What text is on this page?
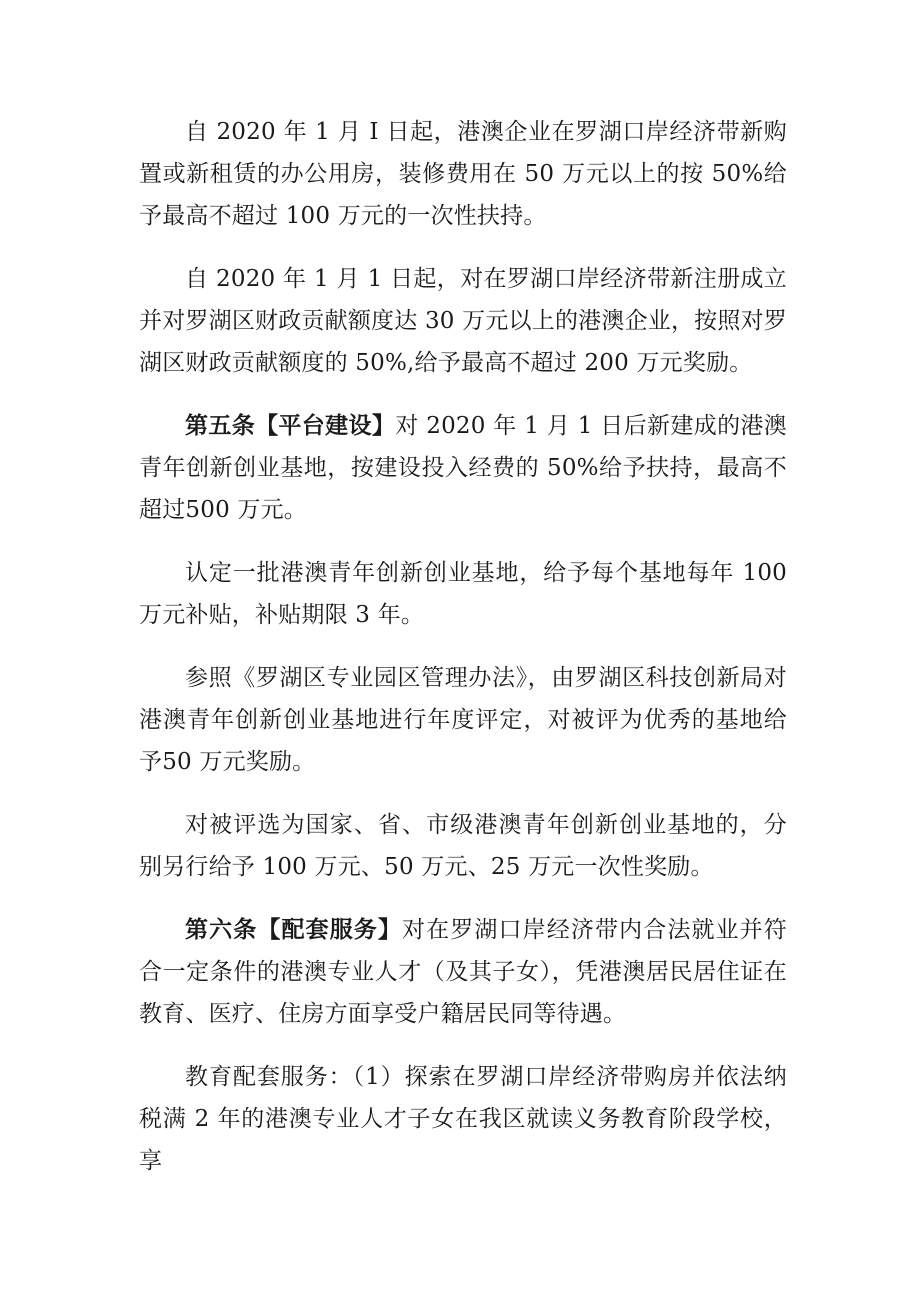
自 2020 年 1 月 I 日起，港澳企业在罗湖口岸经济带新购置或新租赁的办公用房，装修费用在 50 万元以上的按 50%给予最高不超过 100 万元的一次性扶持。

自 2020 年 1 月 1 日起，对在罗湖口岸经济带新注册成立并对罗湖区财政贡献额度达 30 万元以上的港澳企业，按照对罗湖区财政贡献额度的 50%,给予最高不超过 200 万元奖励。

第五条【平台建设】对 2020 年 1 月 1 日后新建成的港澳青年创新创业基地，按建设投入经费的 50%给予扶持，最高不超过500 万元。

认定一批港澳青年创新创业基地，给予每个基地每年 100 万元补贴，补贴期限 3 年。

参照《罗湖区专业园区管理办法》，由罗湖区科技创新局对港澳青年创新创业基地进行年度评定，对被评为优秀的基地给予50 万元奖励。

对被评选为国家、省、市级港澳青年创新创业基地的，分别另行给予 100 万元、50 万元、25 万元一次性奖励。

第六条【配套服务】对在罗湖口岸经济带内合法就业并符合一定条件的港澳专业人才（及其子女），凭港澳居民居住证在教育、医疗、住房方面享受户籍居民同等待遇。

教育配套服务：（1）探索在罗湖口岸经济带购房并依法纳税满 2 年的港澳专业人才子女在我区就读义务教育阶段学校，享
